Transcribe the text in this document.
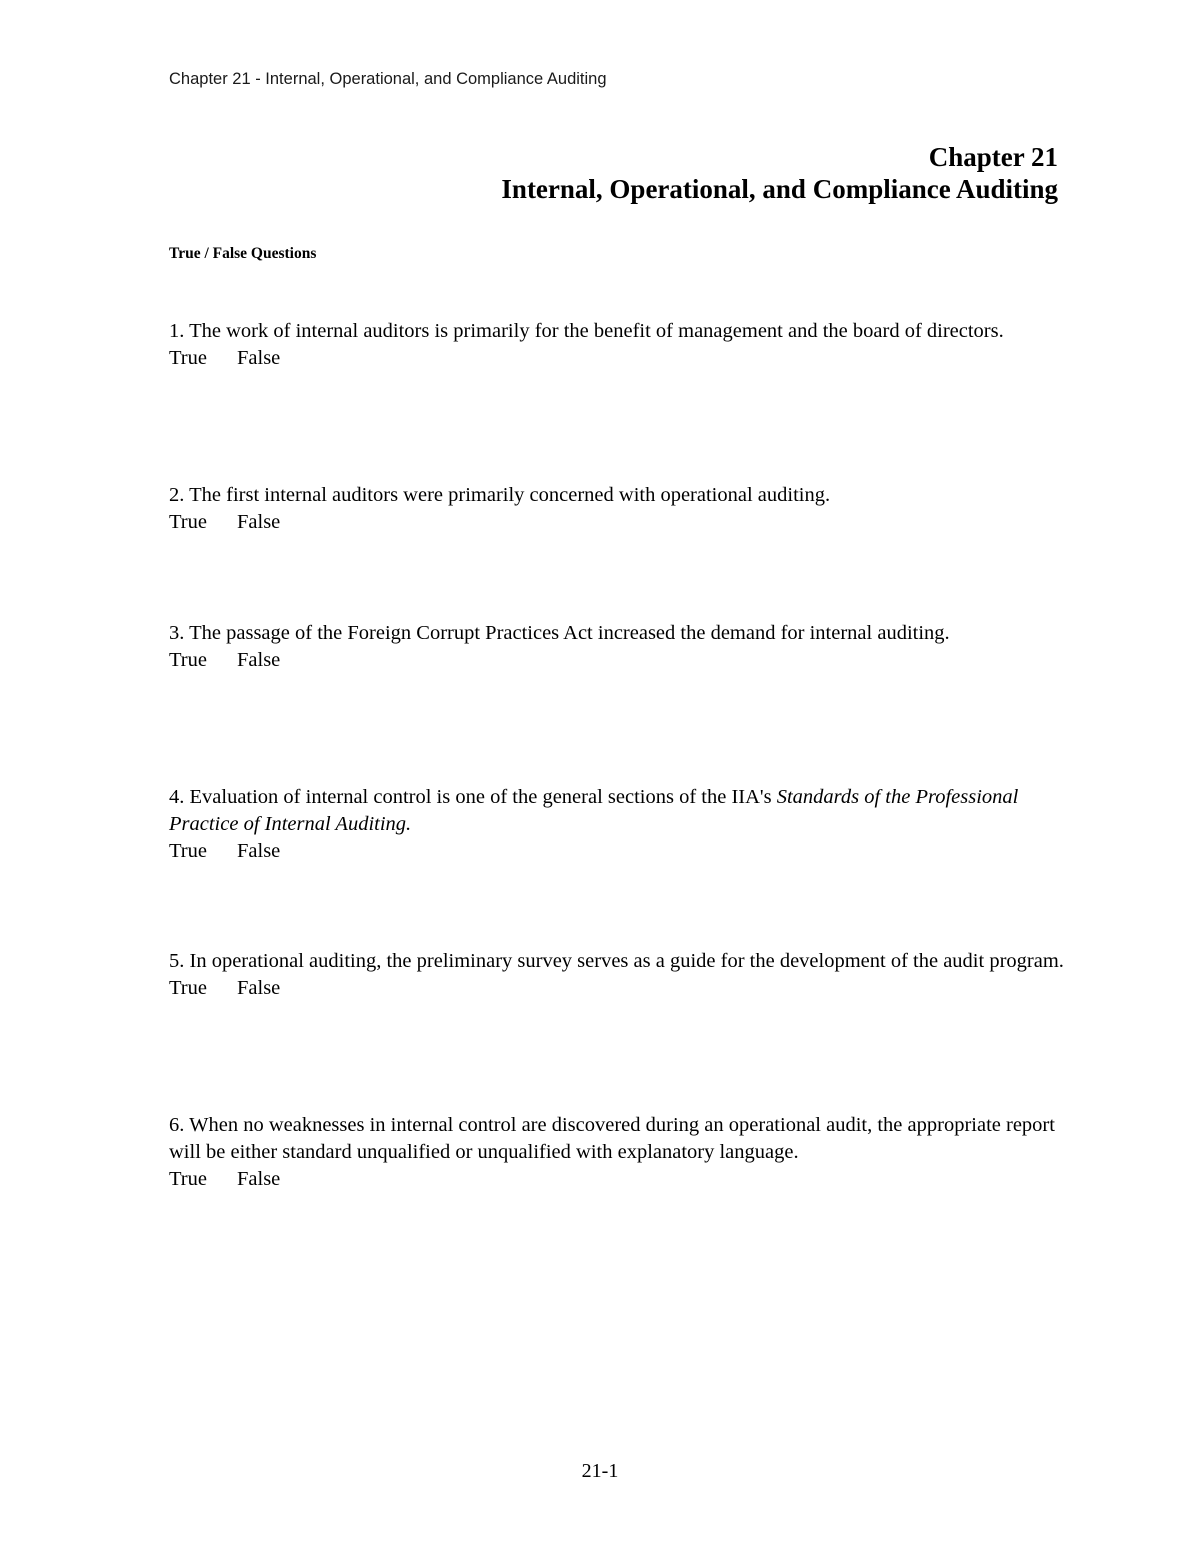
Chapter 21 - Internal, Operational, and Compliance Auditing
Chapter 21
Internal, Operational, and Compliance Auditing
True / False Questions
1. The work of internal auditors is primarily for the benefit of management and the board of directors.
True False
2. The first internal auditors were primarily concerned with operational auditing.
True False
3. The passage of the Foreign Corrupt Practices Act increased the demand for internal auditing.
True False
4. Evaluation of internal control is one of the general sections of the IIA's Standards of the Professional Practice of Internal Auditing.
True False
5. In operational auditing, the preliminary survey serves as a guide for the development of the audit program.
True False
6. When no weaknesses in internal control are discovered during an operational audit, the appropriate report will be either standard unqualified or unqualified with explanatory language.
True False
21-1
